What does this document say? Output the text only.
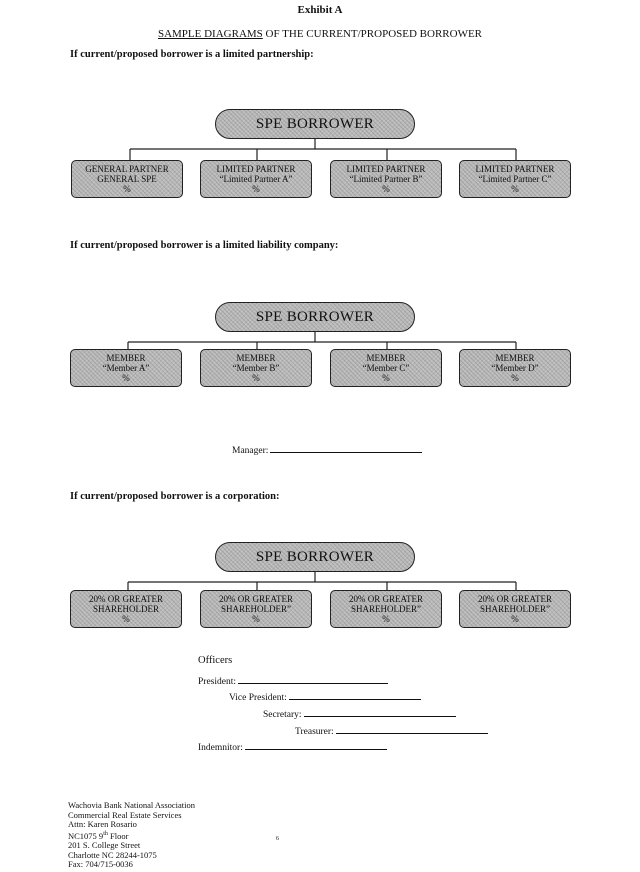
Exhibit A
SAMPLE DIAGRAMS OF THE CURRENT/PROPOSED BORROWER
If current/proposed borrower is a limited partnership:
SPE BORROWER
GENERAL PARTNER
GENERAL SPE
%
LIMITED PARTNER
“Limited Partner A”
%
LIMITED PARTNER
“Limited Partner B”
%
LIMITED PARTNER
“Limited Partner C”
%
If current/proposed borrower is a limited liability company:
SPE BORROWER
MEMBER
“Member A”
%
MEMBER
“Member B”
%
MEMBER
“Member C”
%
MEMBER
“Member D”
%
Manager:
If current/proposed borrower is a corporation:
SPE BORROWER
20% OR GREATER
SHAREHOLDER
%
20% OR GREATER
SHAREHOLDER”
%
20% OR GREATER
SHAREHOLDER”
%
20% OR GREATER
SHAREHOLDER”
%
Officers
President:
Vice President:
Secretary:
Treasurer:
Indemnitor:
Wachovia Bank National Association
Commercial Real Estate Services
Attn: Karen Rosario
NC1075 9th Floor
201 S. College Street
Charlotte NC 28244-1075
Fax: 704/715-0036
6
